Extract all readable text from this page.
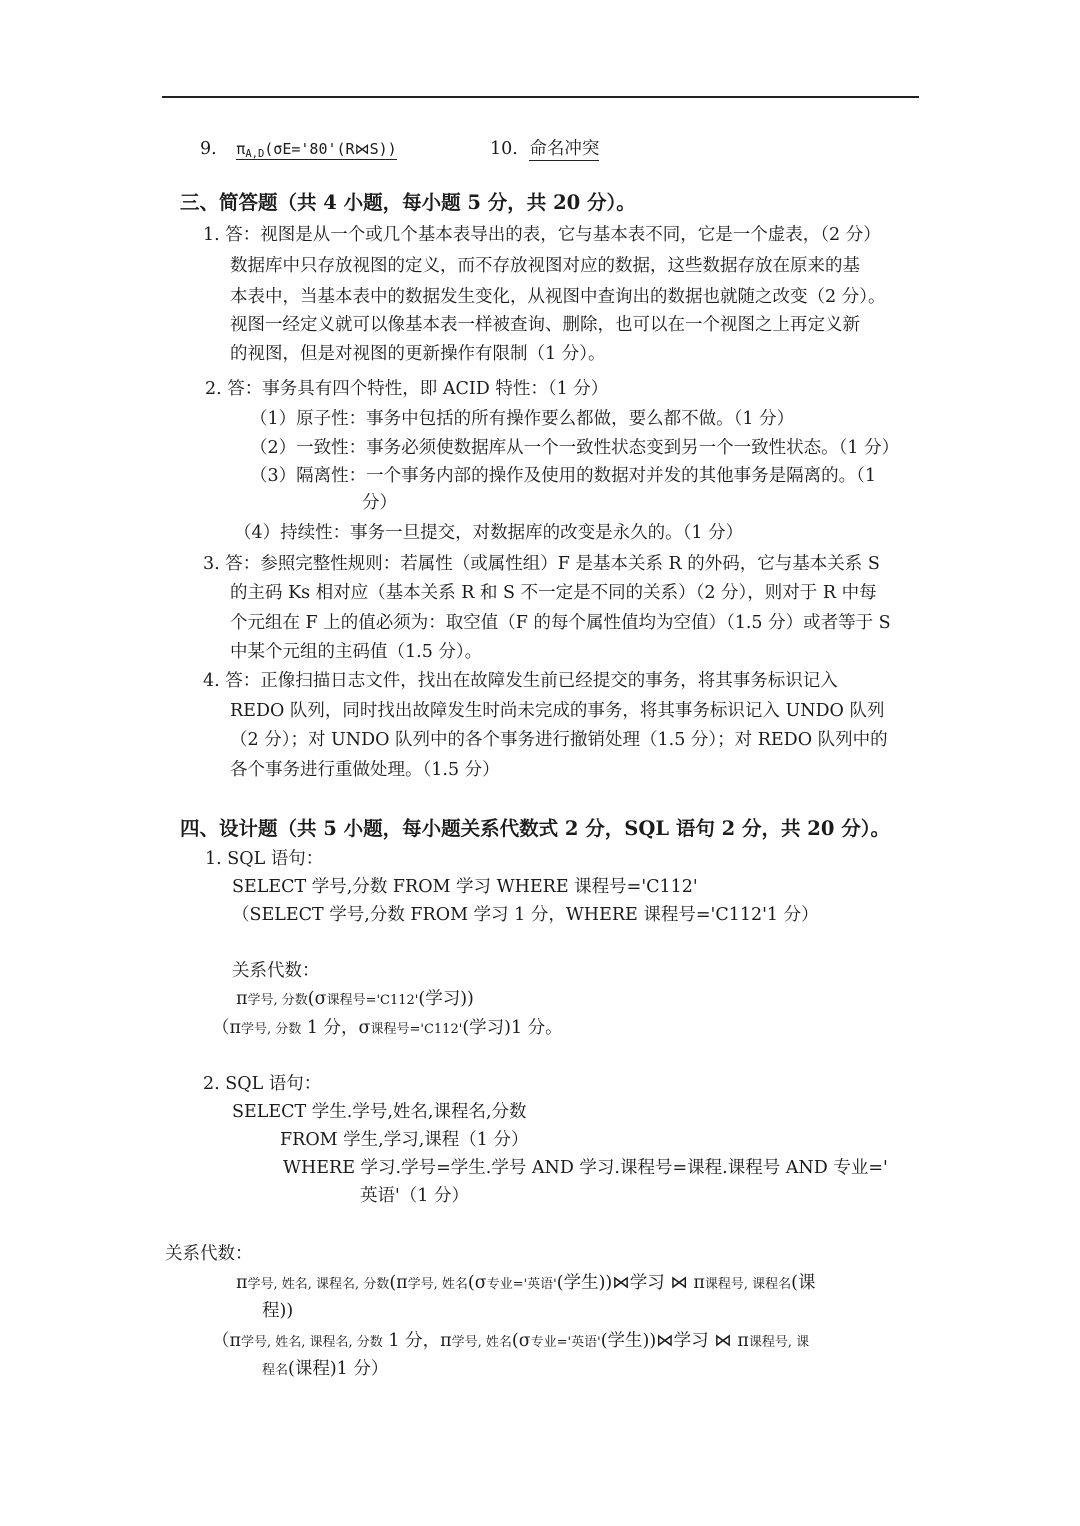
9. $\pi_{A,D}(\sigma E='80'(R⋈S))$	10. 命名冲突
三、简答题（共 4 小题，每小题 5 分，共 20 分）。
1. 答：视图是从一个或几个基本表导出的表，它与基本表不同，它是一个虚表，（2 分）
数据库中只存放视图的定义，而不存放视图对应的数据，这些数据存放在原来的基
本表中，当基本表中的数据发生变化，从视图中查询出的数据也就随之改变（2 分）。
视图一经定义就可以像基本表一样被查询、删除，也可以在一个视图之上再定义新
的视图，但是对视图的更新操作有限制（1 分）。
2. 答：事务具有四个特性，即 ACID 特性：（1 分）
（1）原子性：事务中包括的所有操作要么都做，要么都不做。（1 分）
（2）一致性：事务必须使数据库从一个一致性状态变到另一个一致性状态。（1 分）
（3）隔离性：一个事务内部的操作及使用的数据对并发的其他事务是隔离的。（1
分）
（4）持续性：事务一旦提交，对数据库的改变是永久的。（1 分）
3. 答：参照完整性规则：若属性（或属性组）F 是基本关系 R 的外码，它与基本关系 S
的主码 Ks 相对应（基本关系 R 和 S 不一定是不同的关系）（2 分），则对于 R 中每
个元组在 F 上的值必须为：取空值（F 的每个属性值均为空值）（1.5 分）或者等于 S
中某个元组的主码值（1.5 分）。
4. 答：正像扫描日志文件，找出在故障发生前已经提交的事务，将其事务标识记入
REDO 队列，同时找出故障发生时尚未完成的事务，将其事务标识记入 UNDO 队列
（2 分）；对 UNDO 队列中的各个事务进行撤销处理（1.5 分）；对 REDO 队列中的
各个事务进行重做处理。（1.5 分）
四、设计题（共 5 小题，每小题关系代数式 2 分，SQL 语句 2 分，共 20 分）。
1. SQL 语句：
SELECT 学号,分数 FROM 学习 WHERE 课程号='C112'
（SELECT 学号,分数 FROM 学习 1 分，WHERE 课程号='C112'1 分）
关系代数：
π学号, 分数(σ课程号='C112'(学习))
（π学号, 分数 1 分，σ课程号='C112'(学习)1 分。
2. SQL 语句：
SELECT 学生.学号,姓名,课程名,分数
FROM 学生,学习,课程（1 分）
WHERE 学习.学号=学生.学号 AND 学习.课程号=课程.课程号 AND 专业='
英语'（1 分）
关系代数：
π学号, 姓名, 课程名, 分数(π学号, 姓名(σ专业='英语'(学生))⋈学习 ⋈ π课程号, 课程名(课
程))
（π学号, 姓名, 课程名, 分数 1 分，π学号, 姓名(σ专业='英语'(学生))⋈学习 ⋈ π课程号, 课
程名(课程)1 分）
